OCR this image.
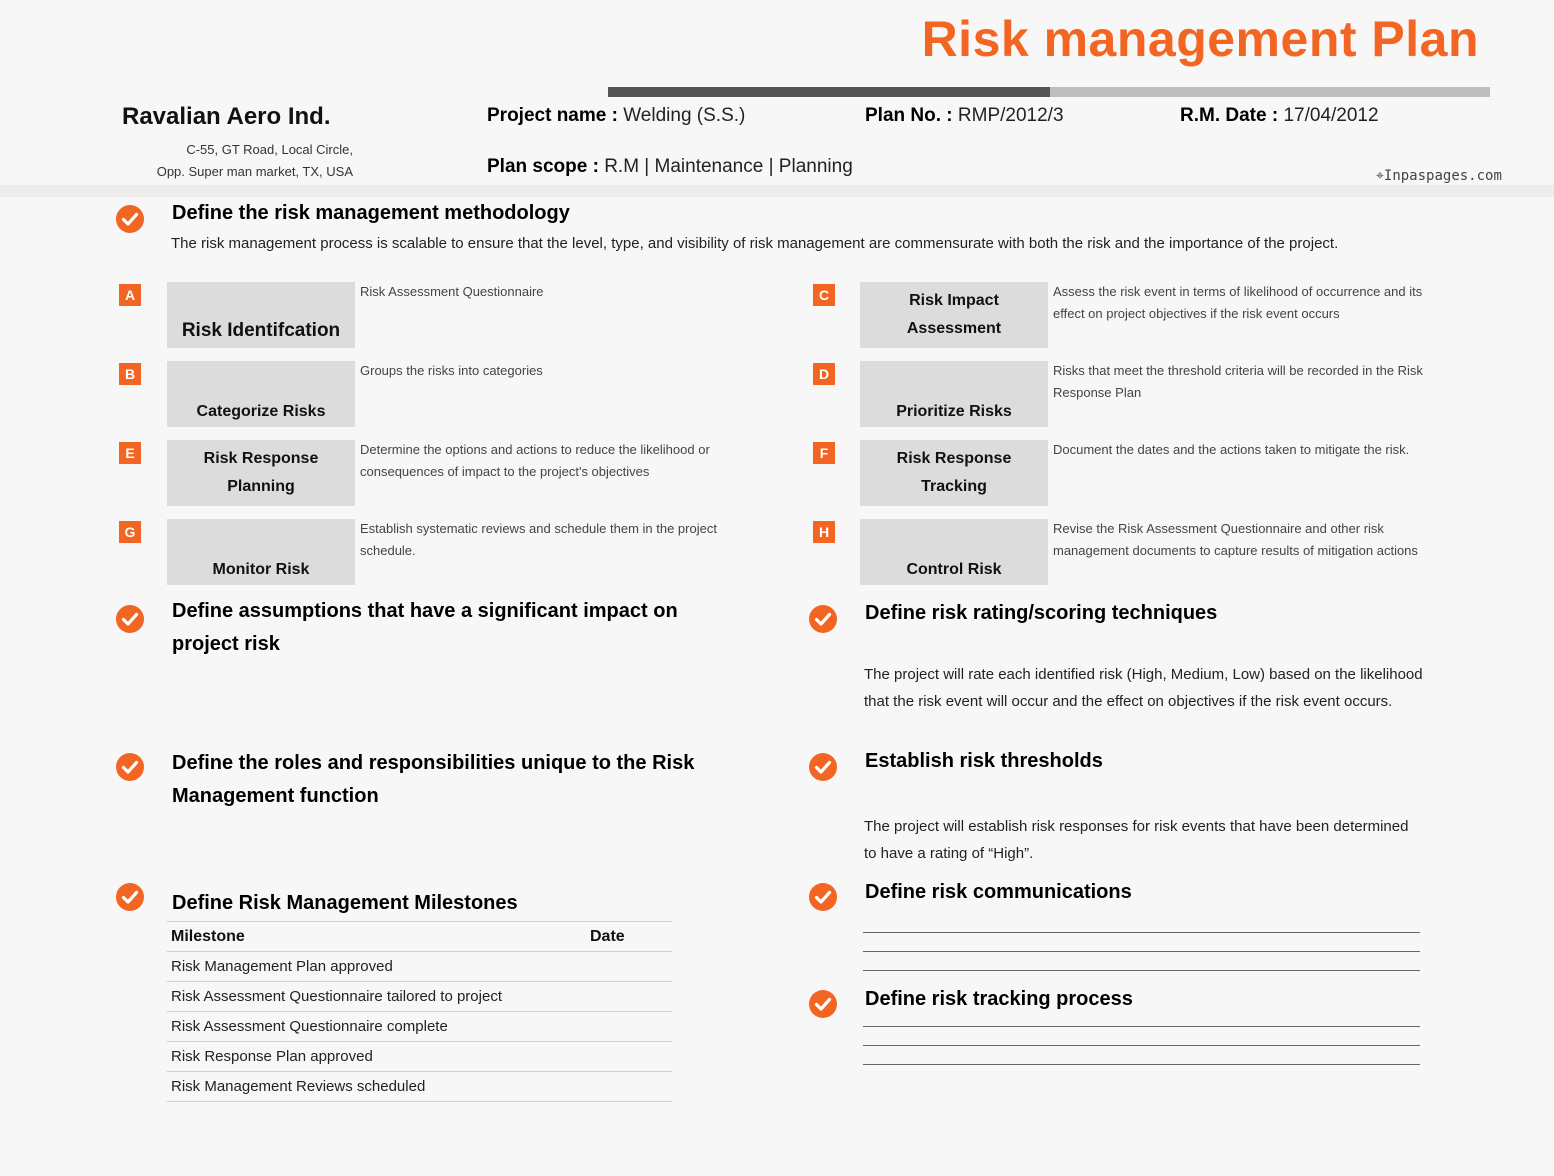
Risk management Plan
Ravalian Aero Ind.
C-55, GT Road, Local Circle,
Opp. Super man market, TX, USA
Project name : Welding (S.S.)	Plan No. : RMP/2012/3	R.M. Date : 17/04/2012
Plan scope : R.M | Maintenance | Planning	⌖Inpaspages.com
Define the risk management methodology
The risk management process is scalable to ensure that the level, type, and visibility of risk management are commensurate with both the risk and the importance of the project.
A
Risk Identifcation
Risk Assessment Questionnaire
B
Categorize Risks
Groups the risks into categories
E	Risk Response Planning
Determine the options and actions to reduce the likelihood or consequences of impact to the project's objectives
G
Monitor Risk
Establish systematic reviews and schedule them in the project schedule.
C	Risk Impact Assessment
Assess the risk event in terms of likelihood of occurrence and its effect on project objectives if the risk event occurs
D
Prioritize Risks
Risks that meet the threshold criteria will be recorded in the Risk Response Plan
F	Risk Response Tracking
Document the dates and the actions taken to mitigate the risk.
H
Control Risk
Revise the Risk Assessment Questionnaire and other risk management documents to capture results of mitigation actions
Define assumptions that have a significant impact on project risk
Define the roles and responsibilities unique to the Risk Management function
Define Risk Management Milestones
Milestone	Date
Risk Management Plan approved	
Risk Assessment Questionnaire tailored to project	
Risk Assessment Questionnaire complete	
Risk Response Plan approved	
Risk Management Reviews scheduled	
Define risk rating/scoring techniques
The project will rate each identified risk (High, Medium, Low) based on the likelihood that the risk event will occur and the effect on objectives if the risk event occurs.
Establish risk thresholds
The project will establish risk responses for risk events that have been determined to have a rating of “High”.
Define risk communications
Define risk tracking process
